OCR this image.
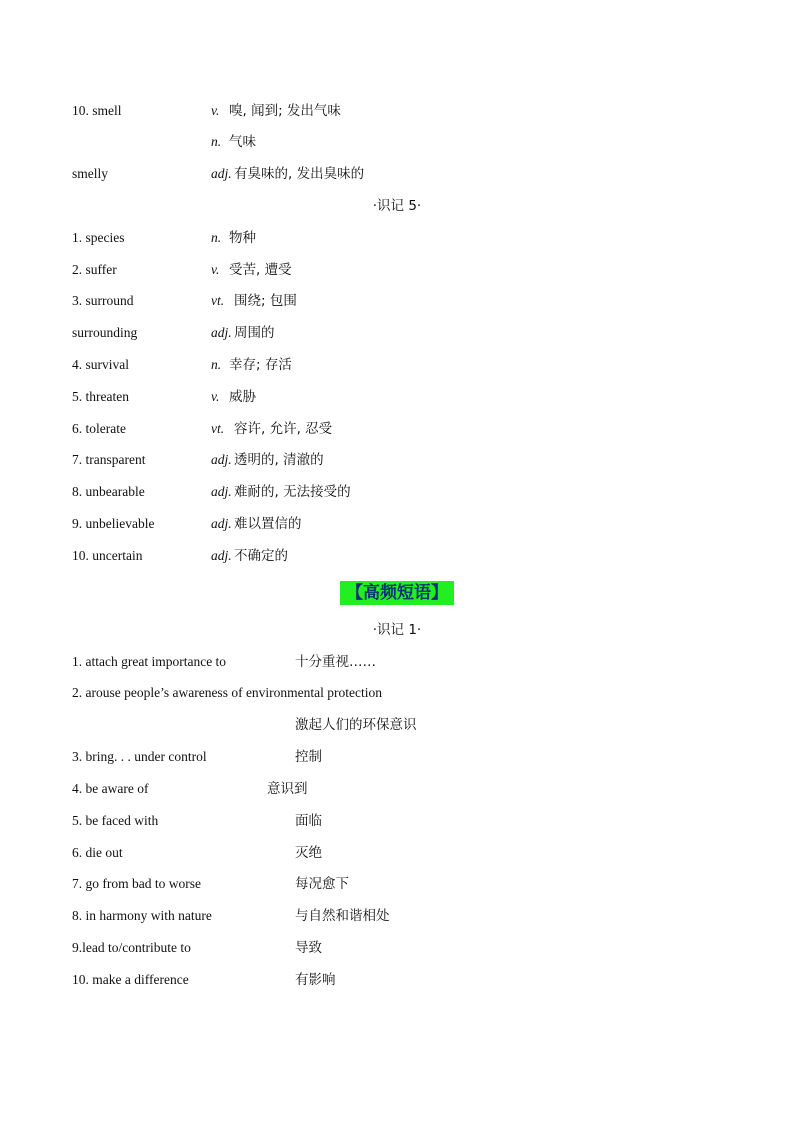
10. smell	v. 嗅, 闻到; 发出气味
n. 气味
smelly	adj. 有臭味的, 发出臭味的
·识记 5·
1. species	n. 物种
2. suffer	v. 受苦, 遭受
3. surround	vt. 围绕; 包围
surrounding	adj. 周围的
4. survival	n. 幸存; 存活
5. threaten	v. 威胁
6. tolerate	vt. 容许, 允许, 忍受
7. transparent	adj. 透明的, 清澈的
8. unbearable	adj. 难耐的, 无法接受的
9. unbelievable	adj. 难以置信的
10. uncertain	adj. 不确定的
【高频短语】
·识记 1·
1. attach great importance to	十分重视……
2. arouse people’s awareness of environmental protection
激起人们的环保意识
3. bring. . . under control	控制
4. be aware of	意识到
5. be faced with	面临
6. die out	灭绝
7. go from bad to worse	每况愈下
8. in harmony with nature	与自然和谐相处
9.lead to/contribute to	导致
10. make a difference	有影响
